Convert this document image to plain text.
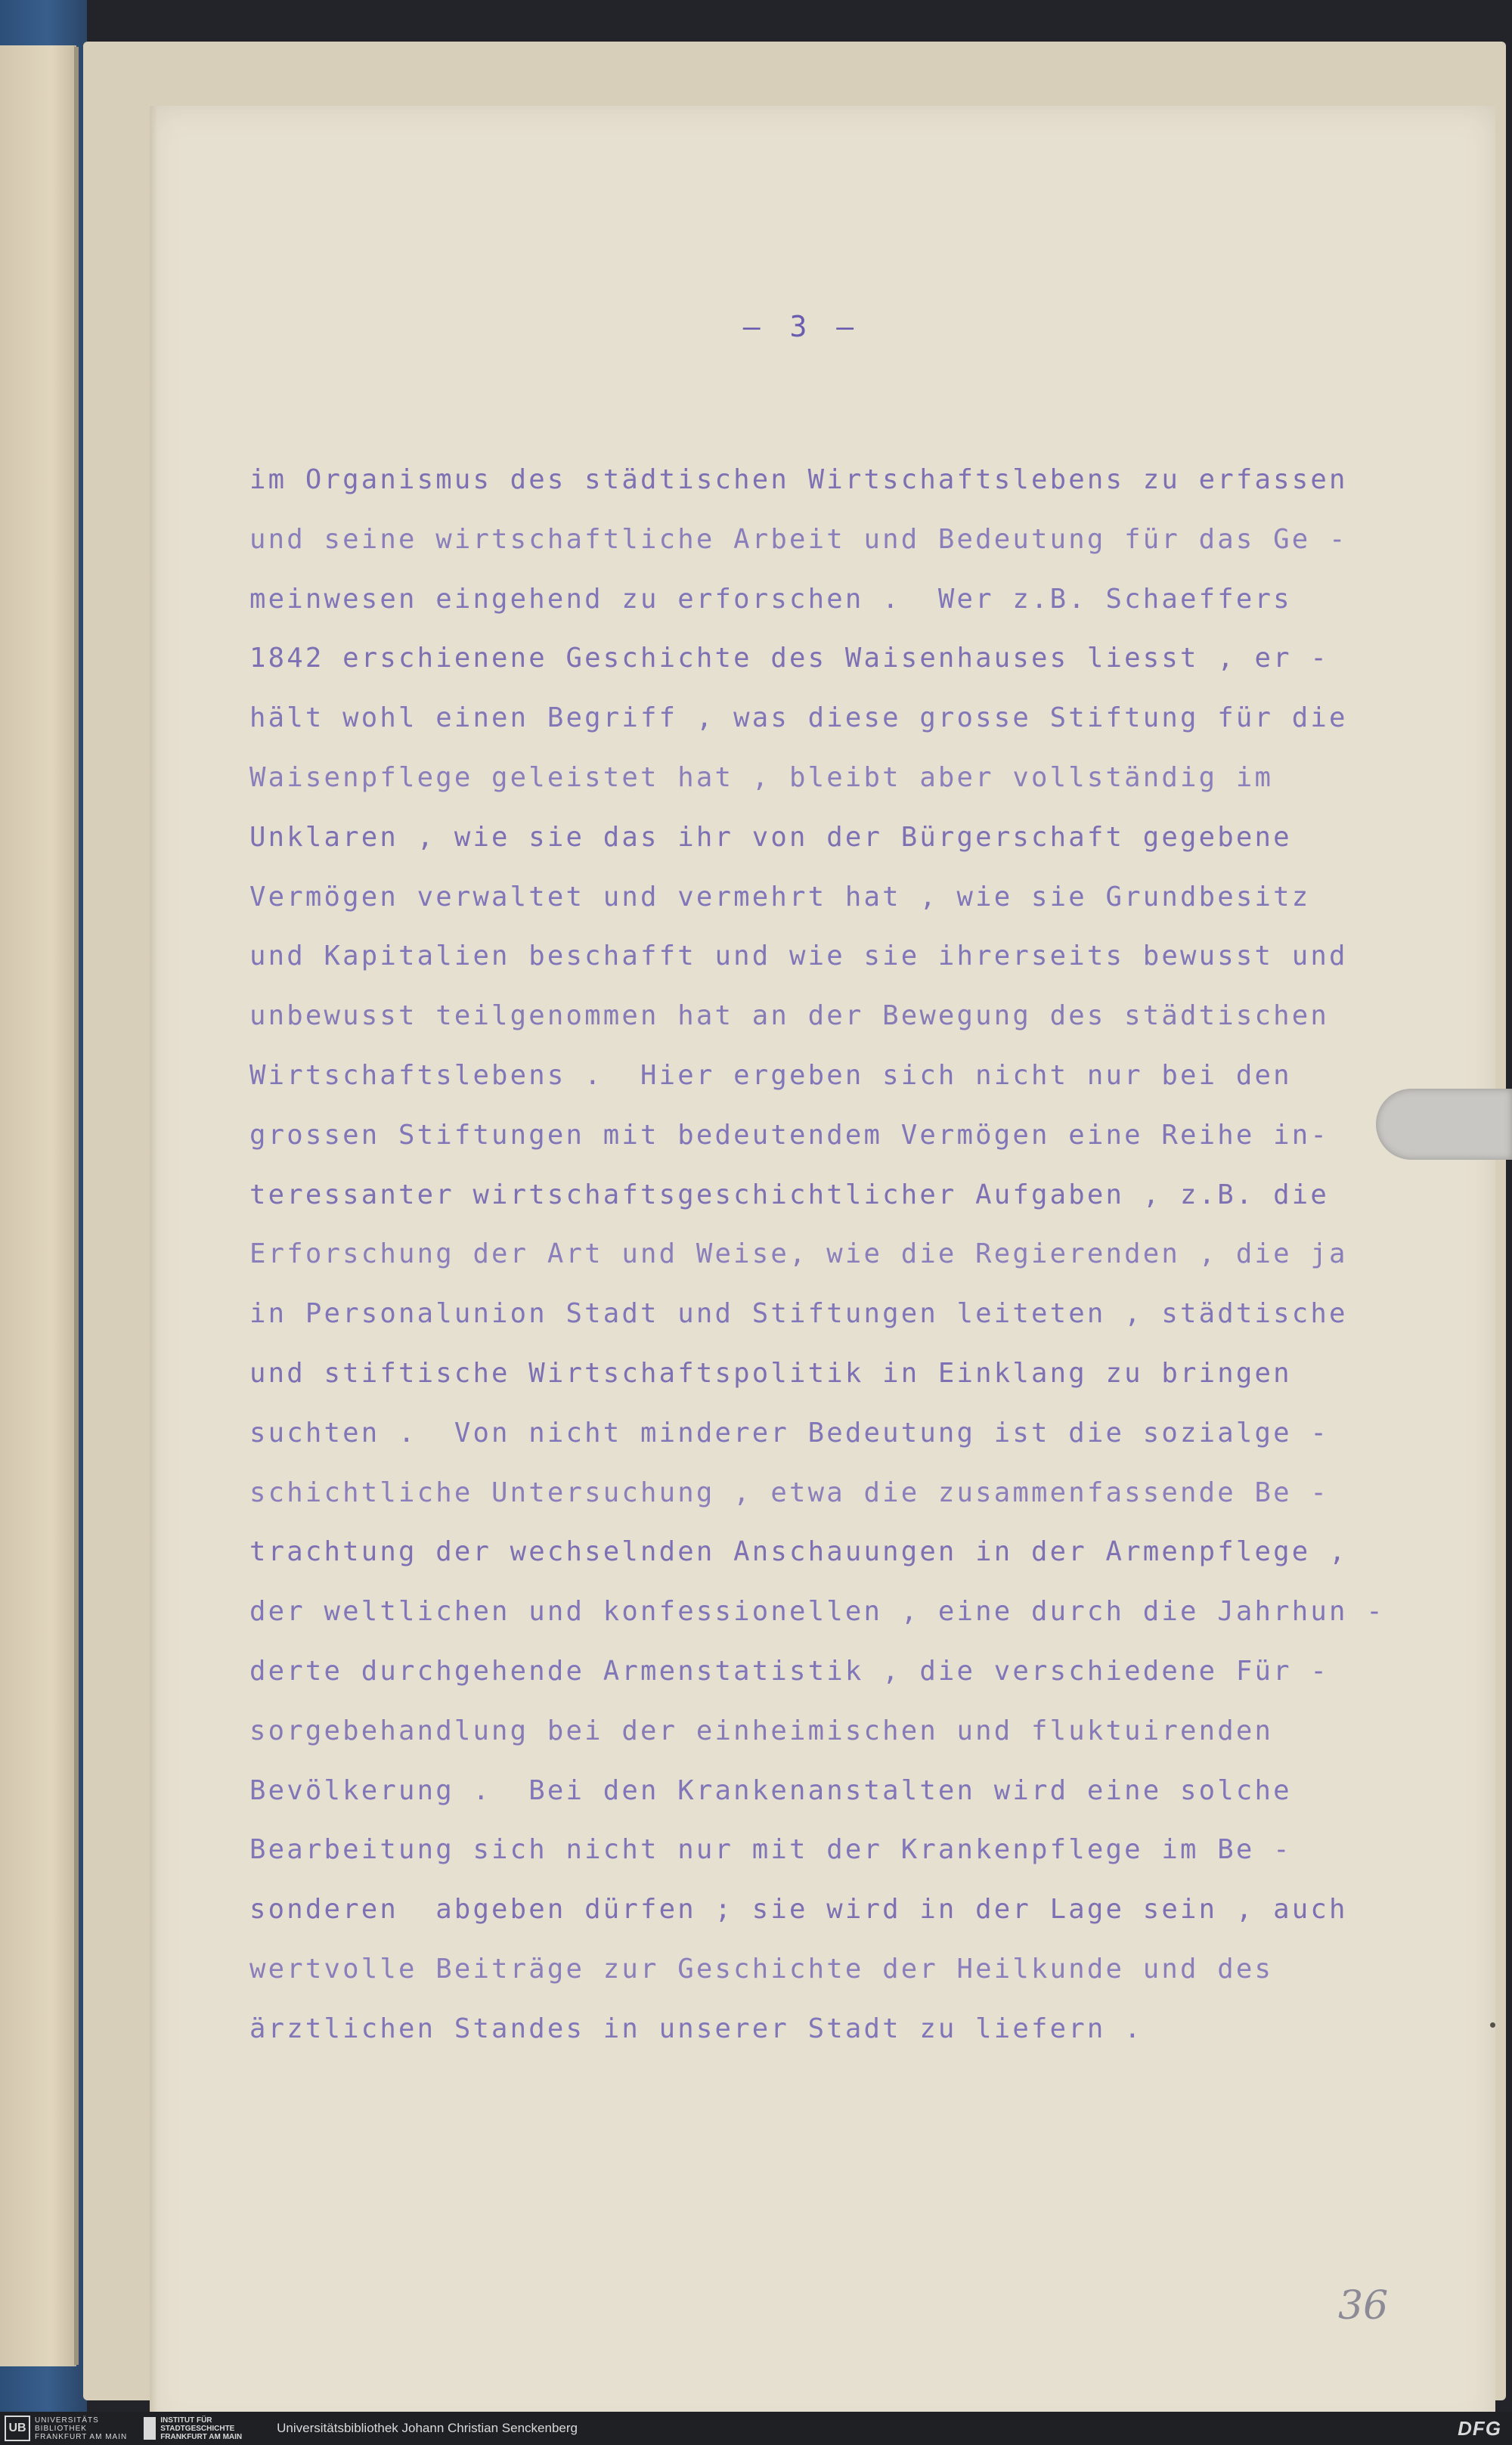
– 3 –
im Organismus des städtischen Wirtschaftslebens zu erfassen
und seine wirtschaftliche Arbeit und Bedeutung für das Ge -
meinwesen eingehend zu erforschen .  Wer z.B. Schaeffers
1842 erschienene Geschichte des Waisenhauses liesst , er -
hält wohl einen Begriff , was diese grosse Stiftung für die
Waisenpflege geleistet hat , bleibt aber vollständig im
Unklaren , wie sie das ihr von der Bürgerschaft gegebene
Vermögen verwaltet und vermehrt hat , wie sie Grundbesitz
und Kapitalien beschafft und wie sie ihrerseits bewusst und
unbewusst teilgenommen hat an der Bewegung des städtischen
Wirtschaftslebens .  Hier ergeben sich nicht nur bei den
grossen Stiftungen mit bedeutendem Vermögen eine Reihe in-
teressanter wirtschaftsgeschichtlicher Aufgaben , z.B. die
Erforschung der Art und Weise, wie die Regierenden , die ja
in Personalunion Stadt und Stiftungen leiteten , städtische
und stiftische Wirtschaftspolitik in Einklang zu bringen
suchten .  Von nicht minderer Bedeutung ist die sozialge -
schichtliche Untersuchung , etwa die zusammenfassende Be -
trachtung der wechselnden Anschauungen in der Armenpflege ,
der weltlichen und konfessionellen , eine durch die Jahrhun -
derte durchgehende Armenstatistik , die verschiedene Für -
sorgebehandlung bei der einheimischen und fluktuirenden
Bevölkerung .  Bei den Krankenanstalten wird eine solche
Bearbeitung sich nicht nur mit der Krankenpflege im Be -
sonderen  abgeben dürfen ; sie wird in der Lage sein , auch
wertvolle Beiträge zur Geschichte der Heilkunde und des
ärztlichen Standes in unserer Stadt zu liefern .
36
UB
UNIVERSITÄTS
BIBLIOTHEK
FRANKFURT AM MAIN
INSTITUT FÜR
STADTGESCHICHTE
FRANKFURT AM MAIN
Universitätsbibliothek Johann Christian Senckenberg	DFG
